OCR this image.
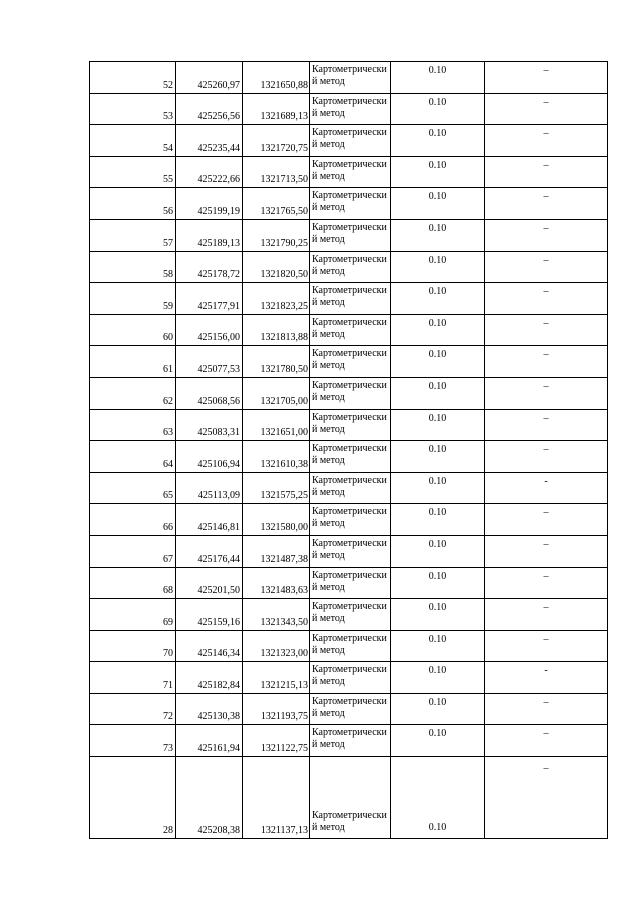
52	425260,97	1321650,88	Картометрический метод	0.10	–
53	425256,56	1321689,13	Картометрический метод	0.10	–
54	425235,44	1321720,75	Картометрический метод	0.10	–
55	425222,66	1321713,50	Картометрический метод	0.10	–
56	425199,19	1321765,50	Картометрический метод	0.10	–
57	425189,13	1321790,25	Картометрический метод	0.10	–
58	425178,72	1321820,50	Картометрический метод	0.10	–
59	425177,91	1321823,25	Картометрический метод	0.10	–
60	425156,00	1321813,88	Картометрический метод	0.10	–
61	425077,53	1321780,50	Картометрический метод	0.10	–
62	425068,56	1321705,00	Картометрический метод	0.10	–
63	425083,31	1321651,00	Картометрический метод	0.10	–
64	425106,94	1321610,38	Картометрический метод	0.10	–
65	425113,09	1321575,25	Картометрический метод	0.10	-
66	425146,81	1321580,00	Картометрический метод	0.10	–
67	425176,44	1321487,38	Картометрический метод	0.10	–
68	425201,50	1321483,63	Картометрический метод	0.10	–
69	425159,16	1321343,50	Картометрический метод	0.10	–
70	425146,34	1321323,00	Картометрический метод	0.10	–
71	425182,84	1321215,13	Картометрический метод	0.10	-
72	425130,38	1321193,75	Картометрический метод	0.10	–
73	425161,94	1321122,75	Картометрический метод	0.10	–
28	425208,38	1321137,13	Картометрический метод	0.10	–
